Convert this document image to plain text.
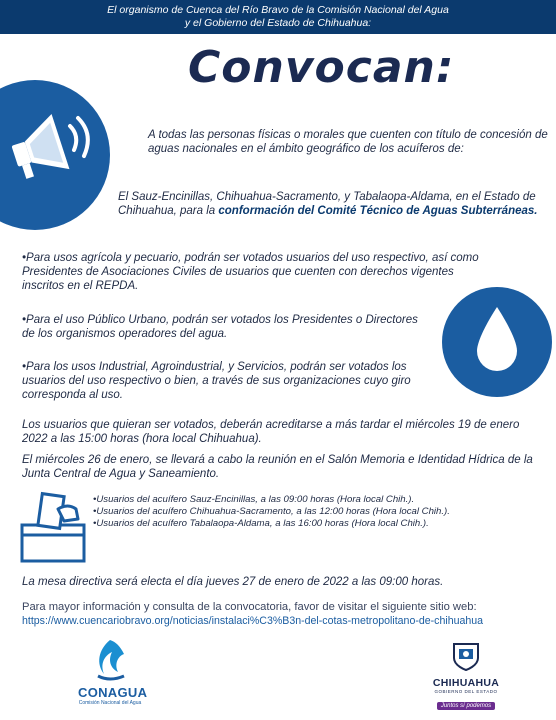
El organismo de Cuenca del Río Bravo de la Comisión Nacional del Agua
y el Gobierno del Estado de Chihuahua:
Convocan:
A todas las personas físicas o morales que cuenten con título de concesión de aguas nacionales en el ámbito geográfico de los acuíferos de:
El Sauz-Encinillas, Chihuahua-Sacramento, y Tabalaopa-Aldama, en el Estado de Chihuahua, para la conformación del Comité Técnico de Aguas Subterráneas.
•Para usos agrícola y pecuario, podrán ser votados usuarios del uso respectivo, así como Presidentes de Asociaciones Civiles de usuarios que cuenten con derechos vigentes inscritos en el REPDA.
•Para el uso Público Urbano, podrán ser votados los Presidentes o Directores de los organismos operadores del agua.
•Para los usos Industrial, Agroindustrial, y Servicios, podrán ser votados los usuarios del uso respectivo o bien, a través de sus organizaciones cuyo giro corresponda al uso.
Los usuarios que quieran ser votados, deberán acreditarse a más tardar el miércoles 19 de enero 2022 a las 15:00 horas (hora local Chihuahua).
El miércoles 26 de enero, se llevará a cabo la reunión en el Salón Memoria e Identidad Hídrica de la Junta Central de Agua y Saneamiento.
•Usuarios del acuífero Sauz-Encinillas, a las 09:00 horas (Hora local Chih.).
•Usuarios del acuífero Chihuahua-Sacramento, a las 12:00 horas (Hora local Chih.).
•Usuarios del acuífero Tabalaopa-Aldama, a las 16:00 horas (Hora local Chih.).
La mesa directiva será electa el día jueves 27 de enero de 2022 a las 09:00 horas.
Para mayor información y consulta de la convocatoria, favor de visitar el siguiente sitio web:
https://www.cuencariobravo.org/noticias/instalaci%C3%B3n-del-cotas-metropolitano-de-chihuahua
CONAGUA
Comisión Nacional del Agua
CHIHUAHUA
GOBIERNO DEL ESTADO
Juntos sí podemos
